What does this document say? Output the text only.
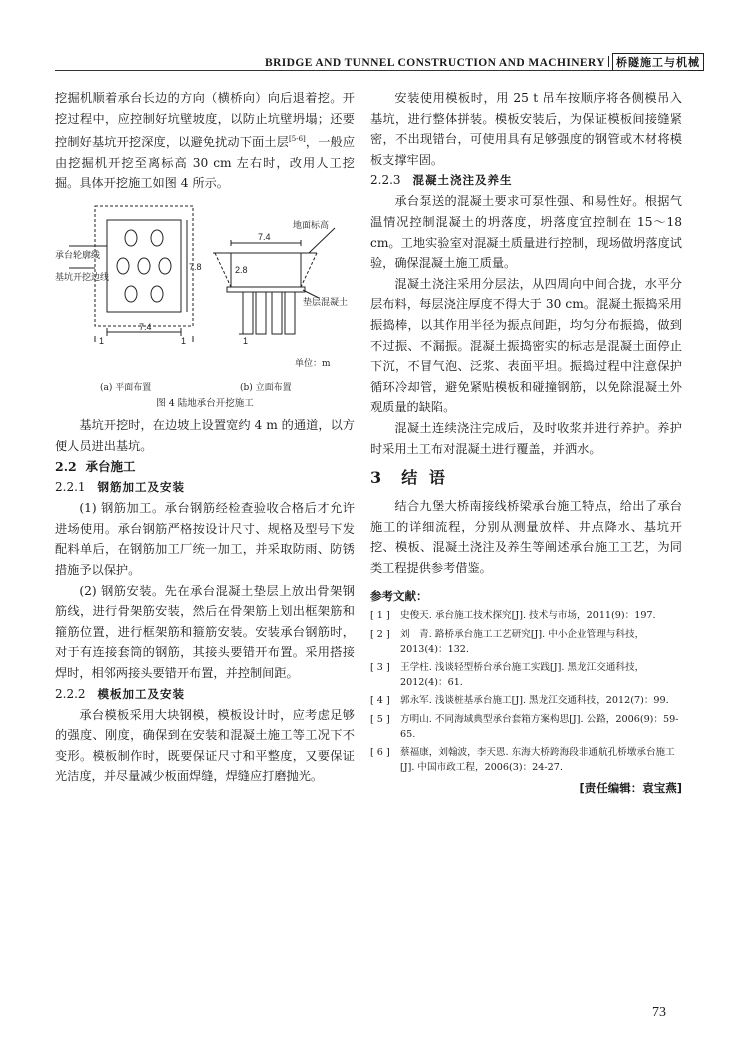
BRIDGE AND TUNNEL CONSTRUCTION AND MACHINERY 桥隧施工与机械

挖掘机顺着承台长边的方向（横桥向）向后退着挖。开挖过程中，应控制好坑壁坡度，以防止坑壁坍塌；还要控制好基坑开挖深度，以避免扰动下面土层[5-6]，一般应由挖掘机开挖至离标高 30 cm 左右时，改用人工挖掘。具体开挖施工如图 4 所示。

7.4
7.8
7.4
2.8
1	1	1
承台轮廓线
基坑开挖边线
地面标高
垫层混凝土
单位：m
(a) 平面布置	(b) 立面布置
图 4 陆地承台开挖施工

基坑开挖时，在边坡上设置宽约 4 m 的通道，以方便人员进出基坑。

2.2 承台施工
2.2.1 钢筋加工及安装

(1) 钢筋加工。承台钢筋经检查验收合格后才允许进场使用。承台钢筋严格按设计尺寸、规格及型号下发配料单后，在钢筋加工厂统一加工，并采取防雨、防锈措施予以保护。

(2) 钢筋安装。先在承台混凝土垫层上放出骨架钢筋线，进行骨架筋安装，然后在骨架筋上划出框架筋和箍筋位置，进行框架筋和箍筋安装。安装承台钢筋时，对于有连接套筒的钢筋，其接头要错开布置。采用搭接焊时，相邻两接头要错开布置，并控制间距。

2.2.2 模板加工及安装

承台模板采用大块钢模，模板设计时，应考虑足够的强度、刚度，确保到在安装和混凝土施工等工况下不变形。模板制作时，既要保证尺寸和平整度，又要保证光洁度，并尽量减少板面焊缝，焊缝应打磨抛光。

安装使用模板时，用 25 t 吊车按顺序将各侧模吊入基坑，进行整体拼装。模板安装后，为保证模板间接缝紧密，不出现错台，可使用具有足够强度的钢管或木材将模板支撑牢固。

2.2.3 混凝土浇注及养生

承台泵送的混凝土要求可泵性强、和易性好。根据气温情况控制混凝土的坍落度，坍落度宜控制在 15～18 cm。工地实验室对混凝土质量进行控制，现场做坍落度试验，确保混凝土施工质量。

混凝土浇注采用分层法，从四周向中间合拢，水平分层布料，每层浇注厚度不得大于 30 cm。混凝土振捣采用振捣棒，以其作用半径为振点间距，均匀分布振捣，做到不过振、不漏振。混凝土振捣密实的标志是混凝土面停止下沉，不冒气泡、泛浆、表面平坦。振捣过程中注意保护循环冷却管，避免紧贴模板和碰撞钢筋，以免除混凝土外观质量的缺陷。

混凝土连续浇注完成后，及时收浆并进行养护。养护时采用土工布对混凝土进行覆盖，并洒水。

3 结 语

结合九堡大桥南接线桥梁承台施工特点，给出了承台施工的详细流程，分别从测量放样、井点降水、基坑开挖、模板、混凝土浇注及养生等阐述承台施工工艺，为同类工程提供参考借鉴。

参考文献：
[ 1 ]	史俊天. 承台施工技术探究[J]. 技术与市场，2011(9)：197.
[ 2 ]	刘　青. 路桥承台施工工艺研究[J]. 中小企业管理与科技，2013(4)：132.
[ 3 ]	王学柱. 浅谈轻型桥台承台施工实践[J]. 黑龙江交通科技，2012(4)：61.
[ 4 ]	郭永军. 浅谈桩基承台施工[J]. 黑龙江交通科技，2012(7)：99.
[ 5 ]	方明山. 不同海域典型承台套箱方案构思[J]. 公路，2006(9)：59-65.
[ 6 ]	蔡福康，刘翰波，李天恩. 东海大桥跨海段非通航孔桥墩承台施工[J]. 中国市政工程，2006(3)：24-27.
[责任编辑：袁宝燕]
73
